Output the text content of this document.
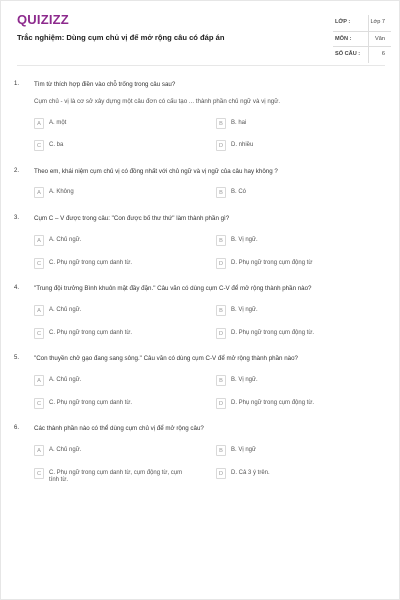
QUIZIZZ
Trắc nghiệm: Dùng cụm chủ vị để mở rộng câu có đáp án
LỚP :	Lớp 7
MÔN :	Văn
SỐ CÂU :	6
1. Tìm từ thích hợp điền vào chỗ trống trong câu sau?
Cụm chủ - vị là cơ sở xây dựng một câu đơn có cấu tạo ... thành phần chủ ngữ và vị ngữ.
A	A. một	B	B. hai
C	C. ba	D	D. nhiều
2. Theo em, khái niệm cụm chủ vị có đồng nhất với chủ ngữ và vị ngữ của câu hay không ?
A	A. Không	B	B. Có
3. Cụm C – V được trong câu: "Con được bố thư thứ" làm thành phần gì?
A	A. Chủ ngữ.	B	B. Vị ngữ.
C	C. Phụ ngữ trong cụm danh từ.	D	D. Phụ ngữ trong cụm động từ
4. "Trung đội trưởng Bình khuôn mặt đầy đặn." Câu văn có dùng cụm C-V để mở rộng thành phần nào?
A	A. Chủ ngữ.	B	B. Vị ngữ.
C	C. Phụ ngữ trong cụm danh từ.	D	D. Phụ ngữ trong cụm động từ.
5. "Con thuyền chở gạo đang sang sông." Câu văn có dùng cụm C-V để mở rộng thành phần nào?
A	A. Chủ ngữ.	B	B. Vị ngữ.
C	C. Phụ ngữ trong cụm danh từ.	D	D. Phụ ngữ trong cụm động từ.
6. Các thành phần nào có thể dùng cụm chủ vị để mở rộng câu?
A	A. Chủ ngữ.	B	B. Vị ngữ
C	C. Phụ ngữ trong cụm danh từ, cụm động từ, cụm tính từ.
D	D. Cả 3 ý trên.
